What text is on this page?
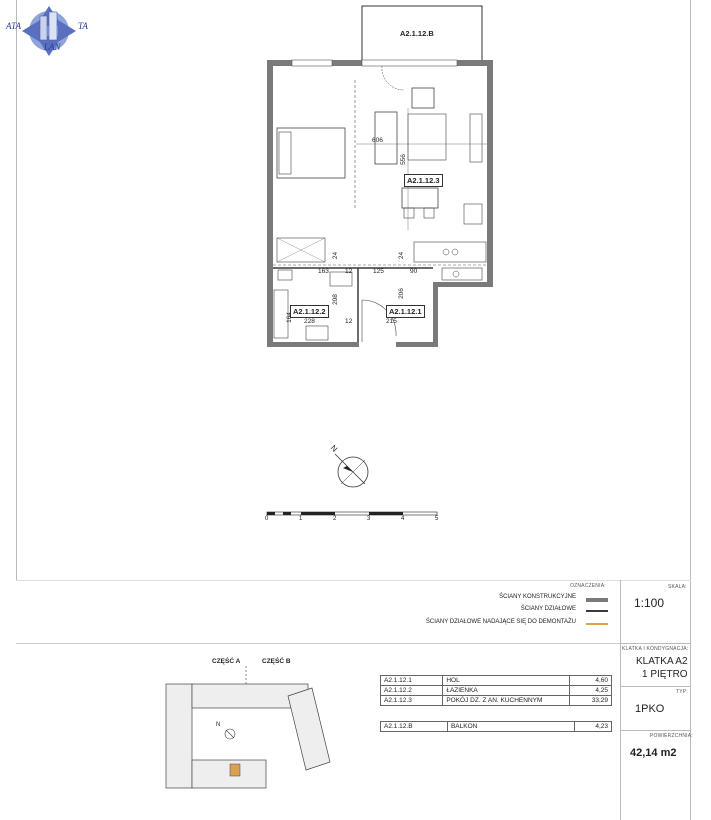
ATA	TA
LAN
A2.1.12.B
A2.1.12.3
A2.1.12.2	A2.1.12.1
606
556
24	24
163 12	125	90
208
206
164 228	12	215
N
0	1	2	3	4	5
OZNACZENIA:
ŚCIANY KONSTRUKCYJNE
ŚCIANY DZIAŁOWE
ŚCIANY DZIAŁOWE NADAJĄCE SIĘ DO DEMONTAŻU
SKALA:
1:100
KLATKA I KONDYGNACJA:
KLATKA A2
1 PIĘTRO
TYP:
1PKO
POWIERZCHNIA:
42,14 m2
CZĘŚĆ A	CZĘŚĆ B
N
A2.1.12.1	HOL	4,60
A2.1.12.2	ŁAZIENKA	4,25
A2.1.12.3	POKÓJ DZ. Z AN. KUCHENNYM	33,29
A2.1.12.B	BALKON	4,23
